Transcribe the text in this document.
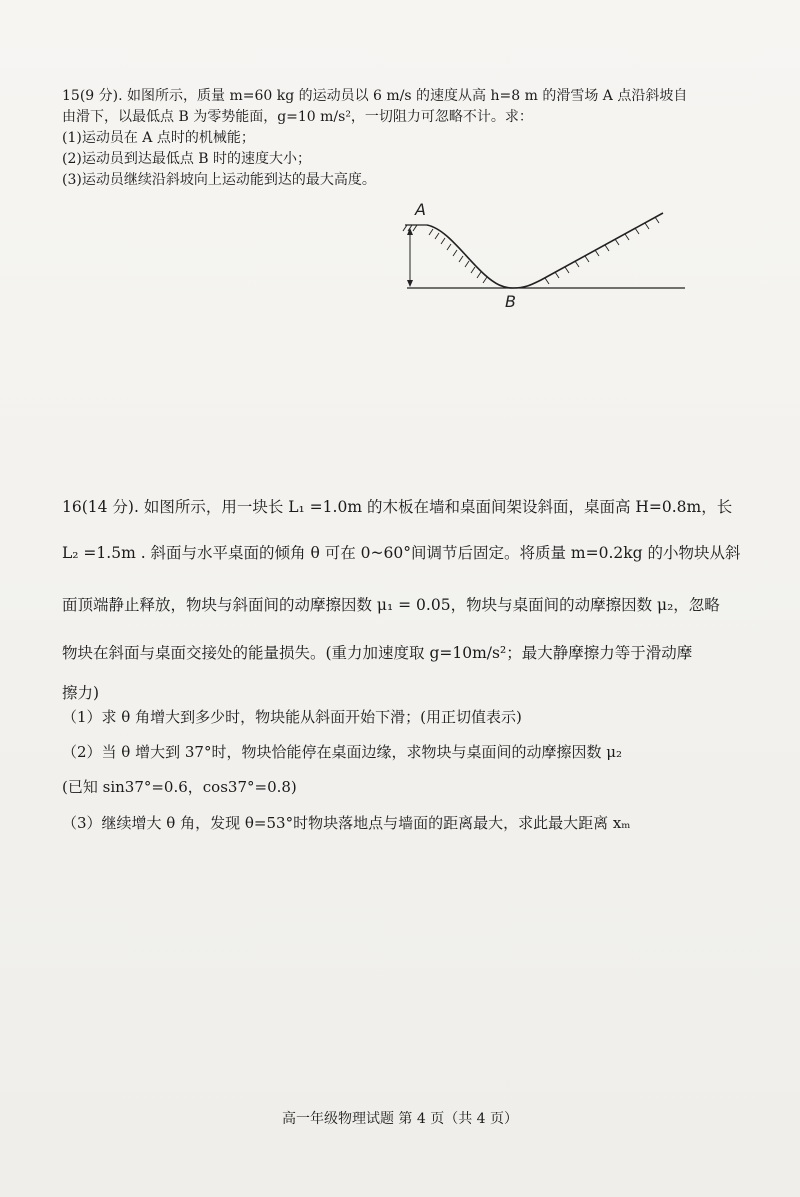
15(9 分). 如图所示，质量 m=60 kg 的运动员以 6 m/s 的速度从高 h=8 m 的滑雪场 A 点沿斜坡自
由滑下，以最低点 B 为零势能面，g=10 m/s²，一切阻力可忽略不计。求：
(1)运动员在 A 点时的机械能；
(2)运动员到达最低点 B 时的速度大小；
(3)运动员继续沿斜坡向上运动能到达的最大高度。
A
B
16(14 分). 如图所示，用一块长 L₁ =1.0m 的木板在墙和桌面间架设斜面，桌面高 H=0.8m，长
L₂ =1.5m . 斜面与水平桌面的倾角 θ 可在 0~60°间调节后固定。将质量 m=0.2kg 的小物块从斜
面顶端静止释放，物块与斜面间的动摩擦因数 μ₁ = 0.05，物块与桌面间的动摩擦因数 μ₂，忽略
物块在斜面与桌面交接处的能量损失。(重力加速度取 g=10m/s²；最大静摩擦力等于滑动摩
擦力)
（1）求 θ 角增大到多少时，物块能从斜面开始下滑；(用正切值表示)
（2）当 θ 增大到 37°时，物块恰能停在桌面边缘，求物块与桌面间的动摩擦因数 μ₂
(已知 sin37°=0.6，cos37°=0.8)
（3）继续增大 θ 角，发现 θ=53°时物块落地点与墙面的距离最大，求此最大距离 xₘ
高一年级物理试题 第 4 页（共 4 页）
